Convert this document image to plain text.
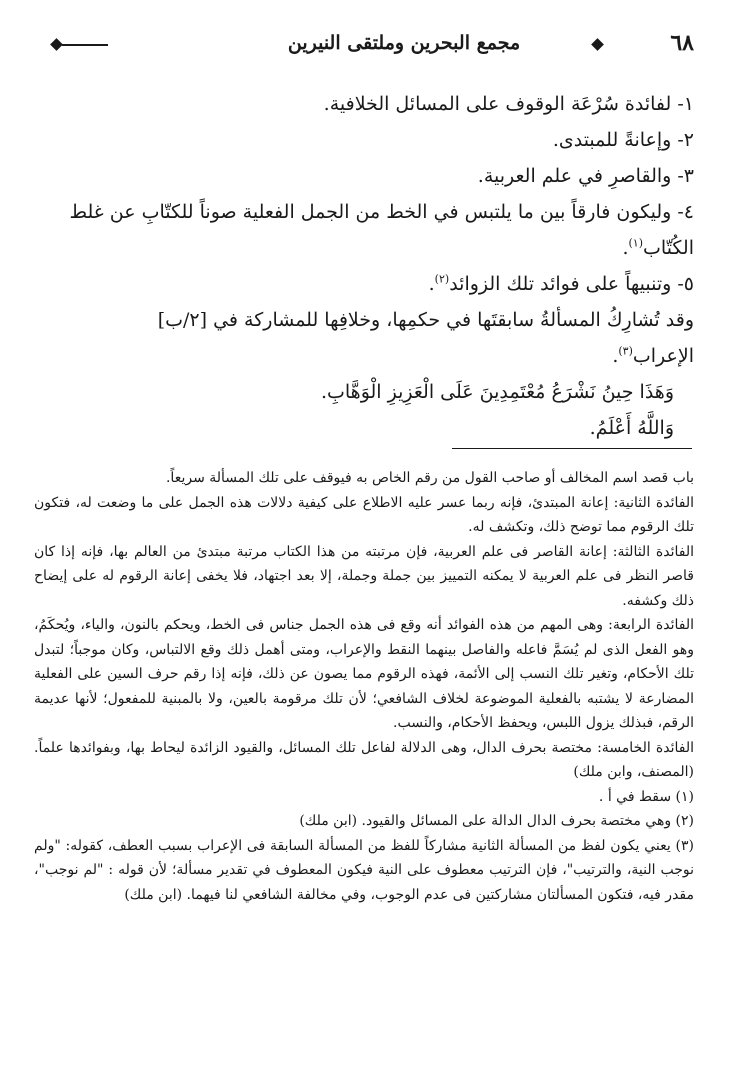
٦٨
مجمع البحرين وملتقى النيرين

١- لفائدة سُرْعَة الوقوف على المسائل الخلافية.

٢- وإعانةً للمبتدى.

٣- والقاصرِ في علم العربية.

٤- وليكون فارقاً بين ما يلتبس في الخط من الجمل الفعلية صوناً للكتّابِ عن غلط

الكُتّاب$^{(١)}$.

٥- وتنبيهاً على فوائد تلك الزوائد$^{(٢)}$.

وقد تُشارِكُ المسألةُ سابقتَها في حكمِها، وخلافِها للمشاركة في [٢/ب]

الإعراب$^{(٣)}$.

وَهَذَا حِينُ نَشْرَعُ مُعْتَمِدِينَ عَلَى الْعَزِيزِ الْوَهَّابِ.

وَاللَّهُ أَعْلَمُ.

باب قصد اسم المخالف أو صاحب القول من رقم الخاص به فيوقف على تلك المسألة سريعاً.

الفائدة الثانية: إعانة المبتدئ، فإنه ربما عسر عليه الاطلاع على كيفية دلالات هذه الجمل على ما وضعت له، فتكون تلك الرقوم مما توضح ذلك، وتكشف له.

الفائدة الثالثة: إعانة القاصر فى علم العربية، فإن مرتبته من هذا الكتاب مرتبة مبتدئ من العالم بها، فإنه إذا كان قاصر النظر فى علم العربية لا يمكنه التمييز بين جملة وجملة، إلا بعد اجتهاد، فلا يخفى إعانة الرقوم له على إيضاح ذلك وكشفه.

الفائدة الرابعة: وهى المهم من هذه الفوائد أنه وقع فى هذه الجمل جناس فى الخط، ويحكم بالنون، والياء، ويُحكَمُ، وهو الفعل الذى لم يُسَمَّ فاعله والفاصل بينهما النقط والإعراب، ومتى أهمل ذلك وقع الالتباس، وكان موجباً؛ لتبدل تلك الأحكام، وتغير تلك النسب إلى الأئمة، فهذه الرقوم مما يصون عن ذلك، فإنه إذا رقم حرف السين على الفعلية المضارعة لا يشتبه بالفعلية الموضوعة لخلاف الشافعي؛ لأن تلك مرقومة بالعين، ولا بالمبنية للمفعول؛ لأنها عديمة الرقم، فبذلك يزول اللبس، ويحفظ الأحكام، والنسب.

الفائدة الخامسة: مختصة بحرف الدال، وهى الدلالة لفاعل تلك المسائل، والقيود الزائدة ليحاط بها، وبفوائدها علماً. (المصنف، وابن ملك)

(١) سقط في أ .

(٢) وهي مختصة بحرف الدال الدالة على المسائل والقيود. (ابن ملك)

(٣) يعني يكون لفظ من المسألة الثانية مشاركاً للفظ من المسألة السابقة فى الإعراب بسبب العطف، كقوله: "ولم نوجب النية، والترتيب"، فإن الترتيب معطوف على النية فيكون المعطوف في تقدير مسألة؛ لأن قوله : "لم نوجب"، مقدر فيه، فتكون المسألتان مشاركتين فى عدم الوجوب، وفي مخالفة الشافعي لنا فيهما. (ابن ملك)
